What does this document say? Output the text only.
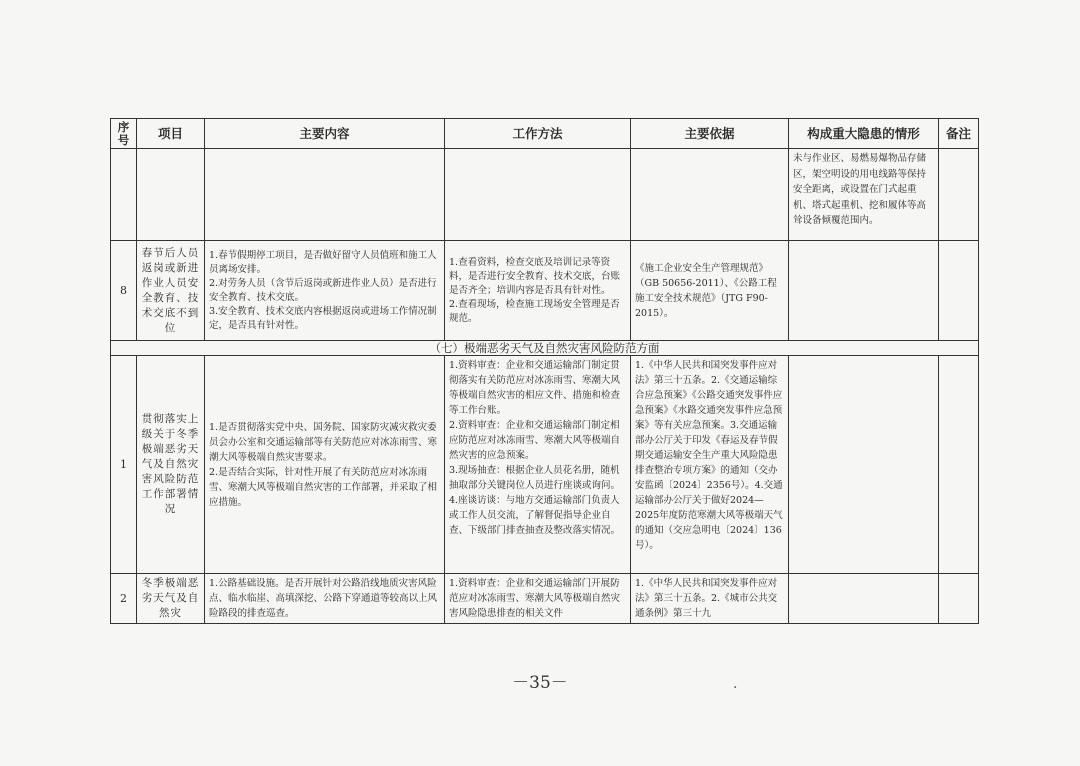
序号	项目	主要内容	工作方法	主要依据	构成重大隐患的情形	备注
					未与作业区、易燃易爆物品存储区，架空明设的用电线路等保持安全距离，或设置在门式起重机、塔式起重机、挖和履体等高耸设备倾覆范围内。	
8	春节后人员返岗或新进作业人员安全教育、技术交底不到位	1.春节假期停工项目，是否做好留守人员值班和施工人员离场安排。
2.对劳务人员（含节后返岗或新进作业人员）是否进行安全教育、技术交底。
3.安全教育、技术交底内容根据返岗或进场工作情况制定，是否具有针对性。	1.查看资料，检查交底及培训记录等资料，是否进行安全教育、技术交底，台账是否齐全；培训内容是否具有针对性。
2.查看现场，检查施工现场安全管理是否规范。	《施工企业安全生产管理规范》（GB 50656-2011）、《公路工程施工安全技术规范》（JTG F90-2015）。		
（七）极端恶劣天气及自然灾害风险防范方面						
1	贯彻落实上级关于冬季极端恶劣天气及自然灾害风险防范工作部署情况	1.是否贯彻落实党中央、国务院、国家防灾减灾救灾委员会办公室和交通运输部等有关防范应对冰冻雨雪、寒潮大风等极端自然灾害要求。
2.是否结合实际，针对性开展了有关防范应对冰冻雨雪、寒潮大风等极端自然灾害的工作部署，并采取了相应措施。	1.资料审查：企业和交通运输部门制定贯彻落实有关防范应对冰冻雨雪、寒潮大风等极端自然灾害的相应文件、措施和检查等工作台账。
2.资料审查：企业和交通运输部门制定相应防范应对冰冻雨雪、寒潮大风等极端自然灾害的应急预案。
3.现场抽查：根据企业人员花名册，随机抽取部分关键岗位人员进行座谈或询问。
4.座谈访谈：与地方交通运输部门负责人或工作人员交流，了解督促指导企业自查、下级部门排查抽查及整改落实情况。	1.《中华人民共和国突发事件应对法》第三十五条。2.《交通运输综合应急预案》《公路交通突发事件应急预案》《水路交通突发事件应急预案》等有关应急预案。3.交通运输部办公厅关于印发《春运及春节假期交通运输安全生产重大风险隐患排查整治专项方案》的通知（交办安监函〔2024〕2356号）。4.交通运输部办公厅关于做好2024—2025年度防范寒潮大风等极端天气的通知（交应急明电〔2024〕136号）。		
2	冬季极端恶劣天气及自然灾	1.公路基础设施。是否开展针对公路沿线地质灾害风险点、临水临崖、高填深挖、公路下穿通道等较高以上风险路段的排查巡查。	1.资料审查：企业和交通运输部门开展防范应对冰冻雨雪、寒潮大风等极端自然灾害风险隐患排查的相关文件	1.《中华人民共和国突发事件应对法》第三十五条。2.《城市公共交通条例》第三十九		
－35－	.
